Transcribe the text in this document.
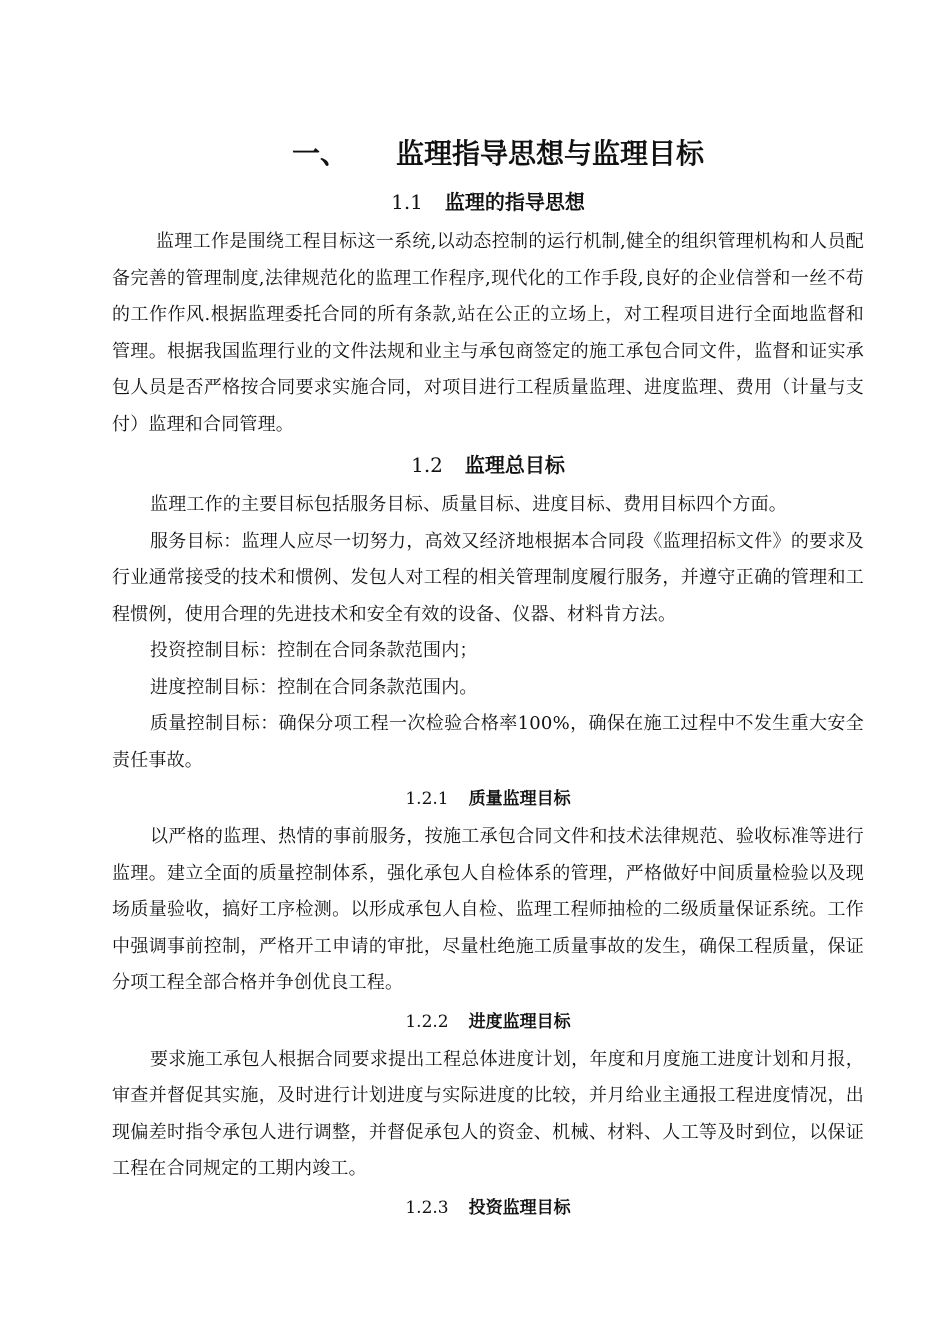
一、 监理指导思想与监理目标
1.1 监理的指导思想

监理工作是围绕工程目标这一系统,以动态控制的运行机制,健全的组织管理机构和人员配备完善的管理制度,法律规范化的监理工作程序,现代化的工作手段,良好的企业信誉和一丝不苟的工作作风.根据监理委托合同的所有条款,站在公正的立场上，对工程项目进行全面地监督和管理。根据我国监理行业的文件法规和业主与承包商签定的施工承包合同文件，监督和证实承包人员是否严格按合同要求实施合同，对项目进行工程质量监理、进度监理、费用（计量与支付）监理和合同管理。

1.2 监理总目标

监理工作的主要目标包括服务目标、质量目标、进度目标、费用目标四个方面。

服务目标：监理人应尽一切努力，高效又经济地根据本合同段《监理招标文件》的要求及行业通常接受的技术和惯例、发包人对工程的相关管理制度履行服务，并遵守正确的管理和工程惯例，使用合理的先进技术和安全有效的设备、仪器、材料肯方法。

投资控制目标：控制在合同条款范围内；

进度控制目标：控制在合同条款范围内。

质量控制目标：确保分项工程一次检验合格率100%，确保在施工过程中不发生重大安全责任事故。

1.2.1 质量监理目标

以严格的监理、热情的事前服务，按施工承包合同文件和技术法律规范、验收标准等进行监理。建立全面的质量控制体系，强化承包人自检体系的管理，严格做好中间质量检验以及现场质量验收，搞好工序检测。以形成承包人自检、监理工程师抽检的二级质量保证系统。工作中强调事前控制，严格开工申请的审批，尽量杜绝施工质量事故的发生，确保工程质量，保证分项工程全部合格并争创优良工程。

1.2.2 进度监理目标

要求施工承包人根据合同要求提出工程总体进度计划，年度和月度施工进度计划和月报，审查并督促其实施，及时进行计划进度与实际进度的比较，并月给业主通报工程进度情况，出现偏差时指令承包人进行调整，并督促承包人的资金、机械、材料、人工等及时到位，以保证工程在合同规定的工期内竣工。

1.2.3 投资监理目标
